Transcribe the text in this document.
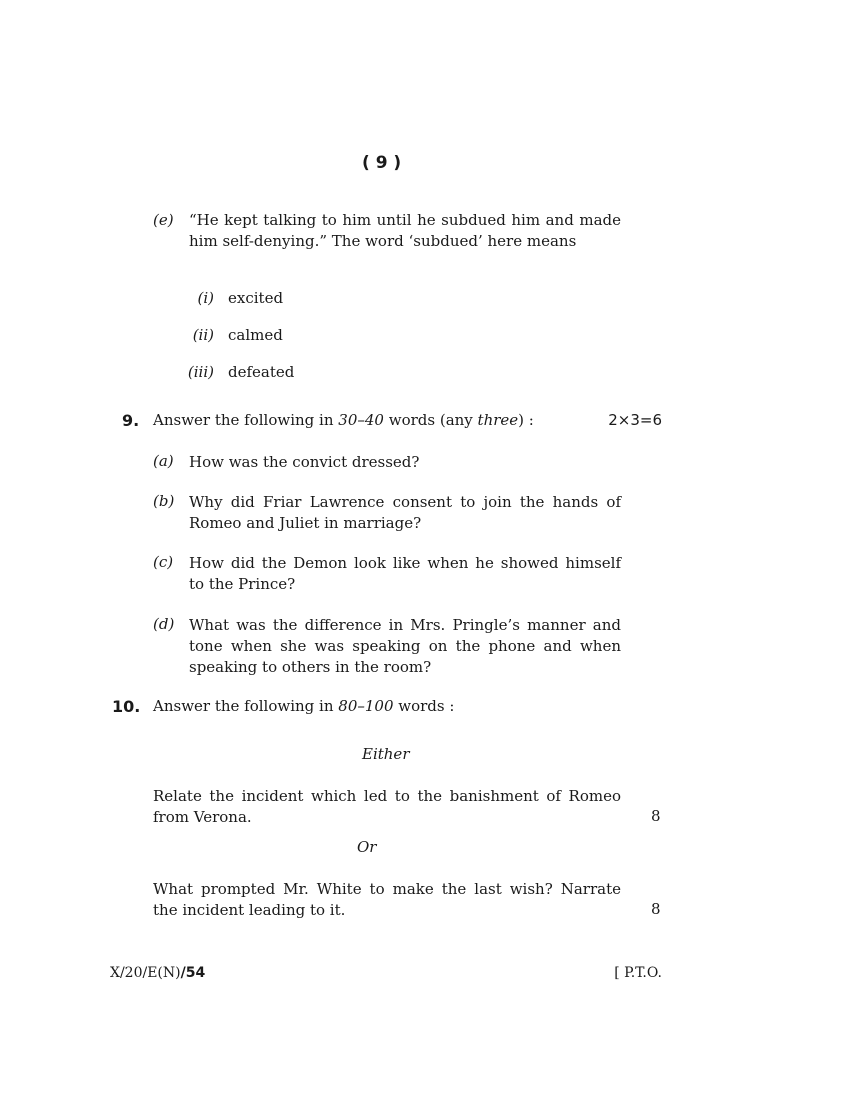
( 9 )
(e) “He kept talking to him until he subdued him and made him self-denying.” The word ‘subdued’ here means
(i) excited
(ii) calmed
(iii) defeated
9. Answer the following in 30–40 words (any three) :	2×3=6
(a) How was the convict dressed?
(b) Why did Friar Lawrence consent to join the hands of Romeo and Juliet in marriage?
(c) How did the Demon look like when he showed himself to the Prince?
(d) What was the difference in Mrs. Pringle’s manner and tone when she was speaking on the phone and when speaking to others in the room?
10. Answer the following in 80–100 words :
Either
Relate the incident which led to the banishment of Romeo from Verona.	8
Or
What prompted Mr. White to make the last wish? Narrate the incident leading to it.	8
X/20/E(N)/54	[ P.T.O.
